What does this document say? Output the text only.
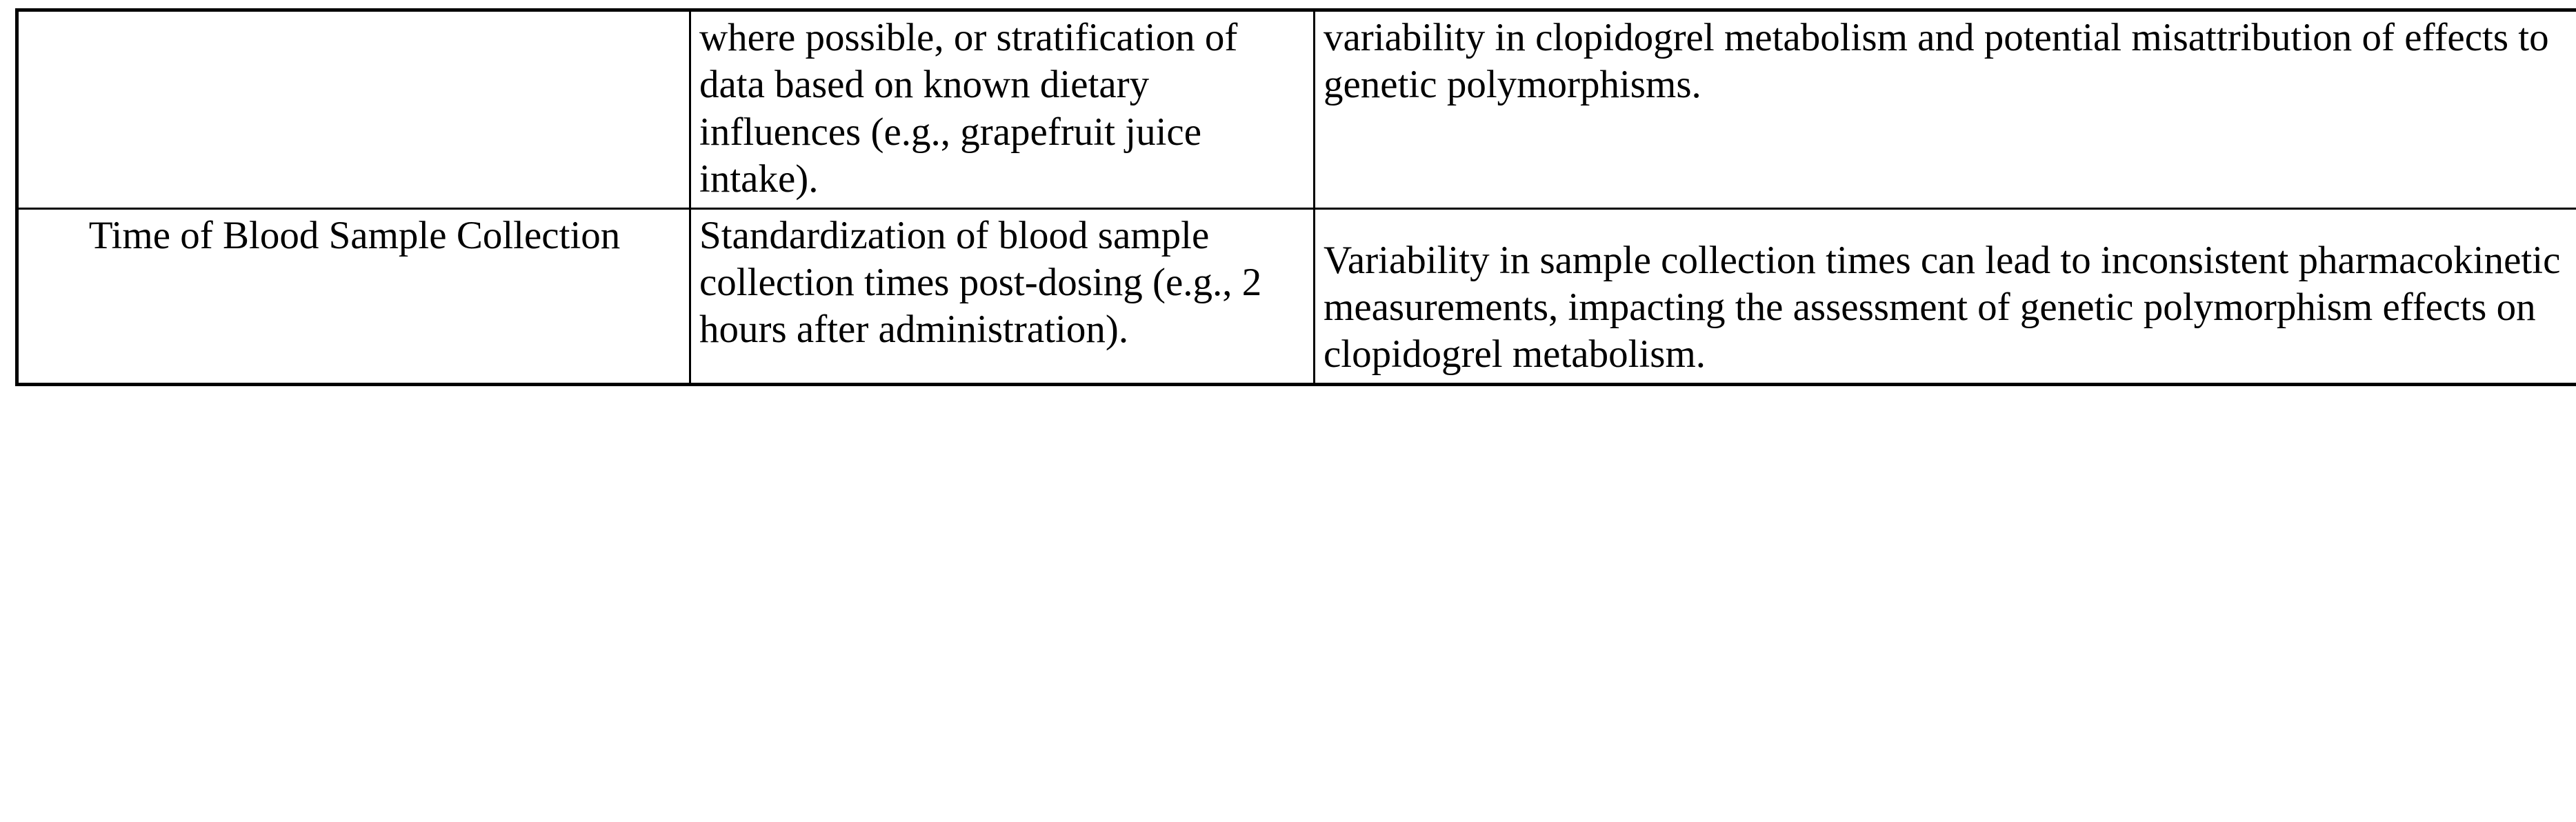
	where possible, or stratification of data based on known dietary influences (e.g., grapefruit juice intake).	variability in clopidogrel metabolism and potential misattribution of effects to genetic polymorphisms.

Time of Blood Sample Collection	Standardization of blood sample collection times post-dosing (e.g., 2 hours after administration).	Variability in sample collection times can lead to inconsistent pharmacokinetic measurements, impacting the assessment of genetic polymorphism effects on clopidogrel metabolism.
